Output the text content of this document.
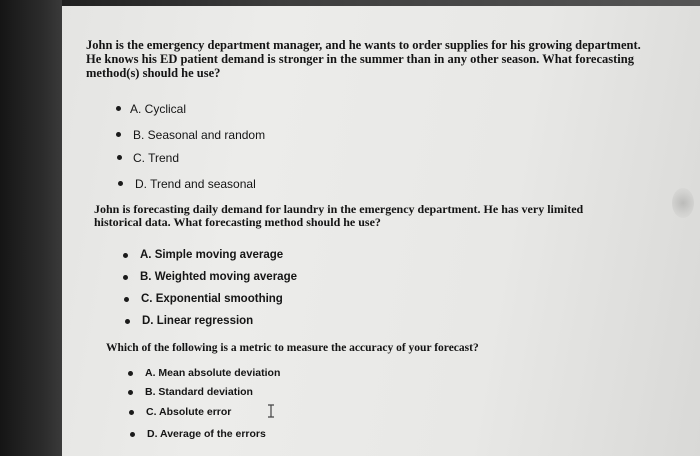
John is the emergency department manager, and he wants to order supplies for his growing department. He knows his ED patient demand is stronger in the summer than in any other season. What forecasting method(s) should he use?
A. Cyclical
B. Seasonal and random
C. Trend
D. Trend and seasonal
John is forecasting daily demand for laundry in the emergency department. He has very limited historical data. What forecasting method should he use?
A. Simple moving average
B. Weighted moving average
C. Exponential smoothing
D. Linear regression
Which of the following is a metric to measure the accuracy of your forecast?
A. Mean absolute deviation
B. Standard deviation
C. Absolute error
D. Average of the errors
